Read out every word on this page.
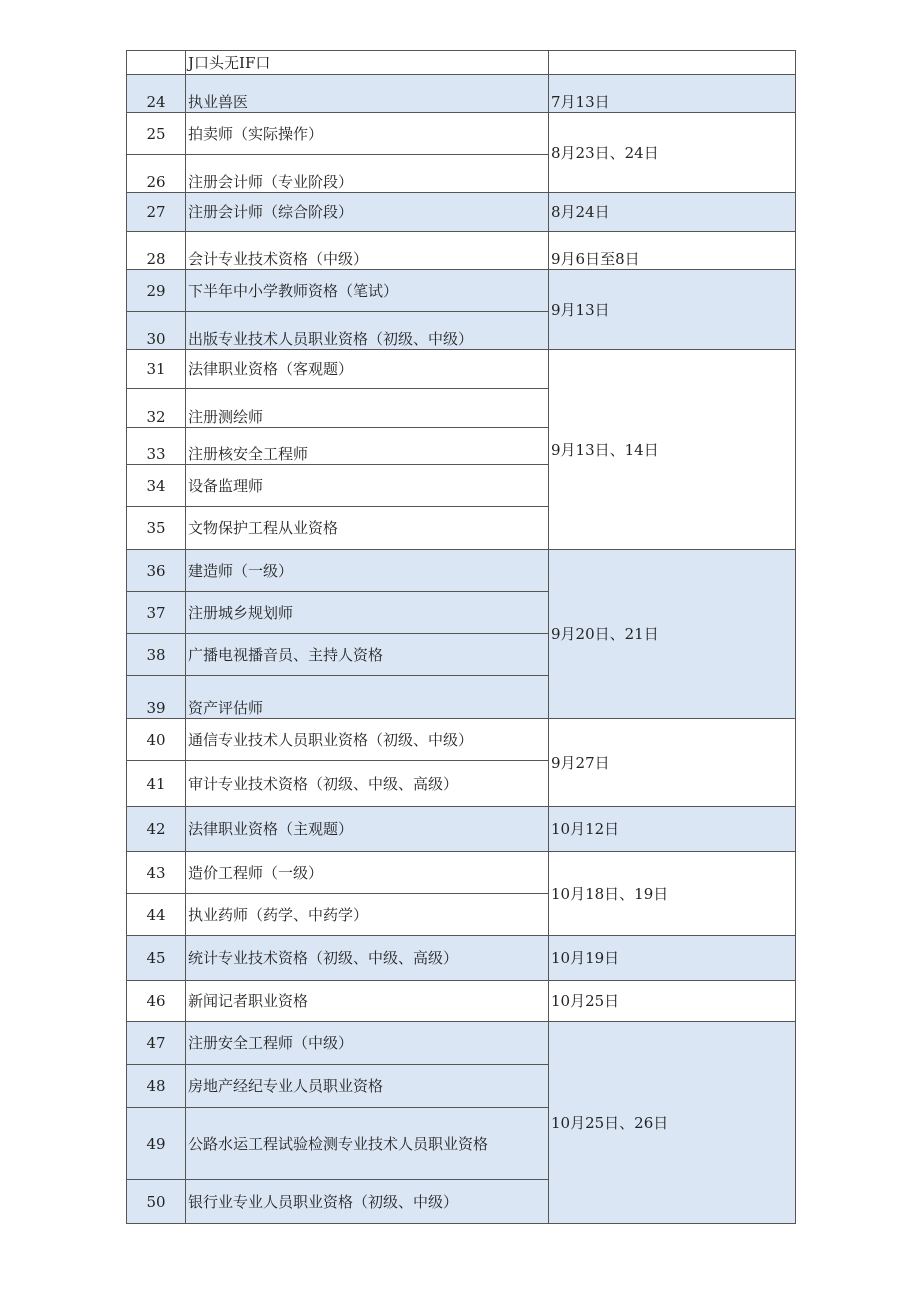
	J口头无IF口	
24	执业兽医	7月13日
25	拍卖师（实际操作）	8月23日、24日
26	注册会计师（专业阶段）	
27	注册会计师（综合阶段）	8月24日
28	会计专业技术资格（中级）	9月6日至8日
29	下半年中小学教师资格（笔试）	9月13日
30	出版专业技术人员职业资格（初级、中级）	
31	法律职业资格（客观题）	9月13日、14日
32	注册测绘师	
33	注册核安全工程师	
34	设备监理师	
35	文物保护工程从业资格	
36	建造师（一级）	9月20日、21日
37	注册城乡规划师	
38	广播电视播音员、主持人资格	
39	资产评估师	
40	通信专业技术人员职业资格（初级、中级）	9月27日
41	审计专业技术资格（初级、中级、高级）	
42	法律职业资格（主观题）	10月12日
43	造价工程师（一级）	10月18日、19日
44	执业药师（药学、中药学）	
45	统计专业技术资格（初级、中级、高级）	10月19日
46	新闻记者职业资格	10月25日
47	注册安全工程师（中级）	10月25日、26日
48	房地产经纪专业人员职业资格	
49	公路水运工程试验检测专业技术人员职业资格	
50	银行业专业人员职业资格（初级、中级）	
